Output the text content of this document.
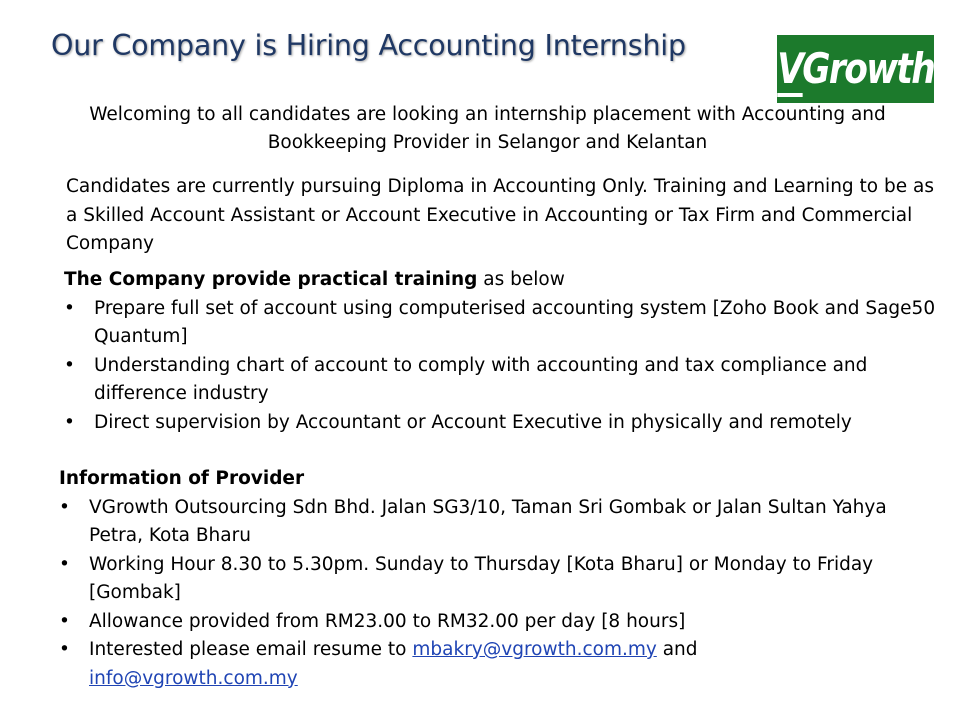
Our Company is Hiring Accounting Internship VGrowth

Welcoming to all candidates are looking an internship placement with Accounting and Bookkeeping Provider in Selangor and Kelantan

Candidates are currently pursuing Diploma in Accounting Only. Training and Learning to be as a Skilled Account Assistant or Account Executive in Accounting or Tax Firm and Commercial Company

The Company provide practical training as below

• Prepare full set of account using computerised accounting system [Zoho Book and Sage50 Quantum]
• Understanding chart of account to comply with accounting and tax compliance and difference industry
• Direct supervision by Accountant or Account Executive in physically and remotely

Information of Provider

• VGrowth Outsourcing Sdn Bhd. Jalan SG3/10, Taman Sri Gombak or Jalan Sultan Yahya Petra, Kota Bharu
• Working Hour 8.30 to 5.30pm. Sunday to Thursday [Kota Bharu] or Monday to Friday [Gombak]
• Allowance provided from RM23.00 to RM32.00 per day [8 hours]
• Interested please email resume to mbakry@vgrowth.com.my and
info@vgrowth.com.my
